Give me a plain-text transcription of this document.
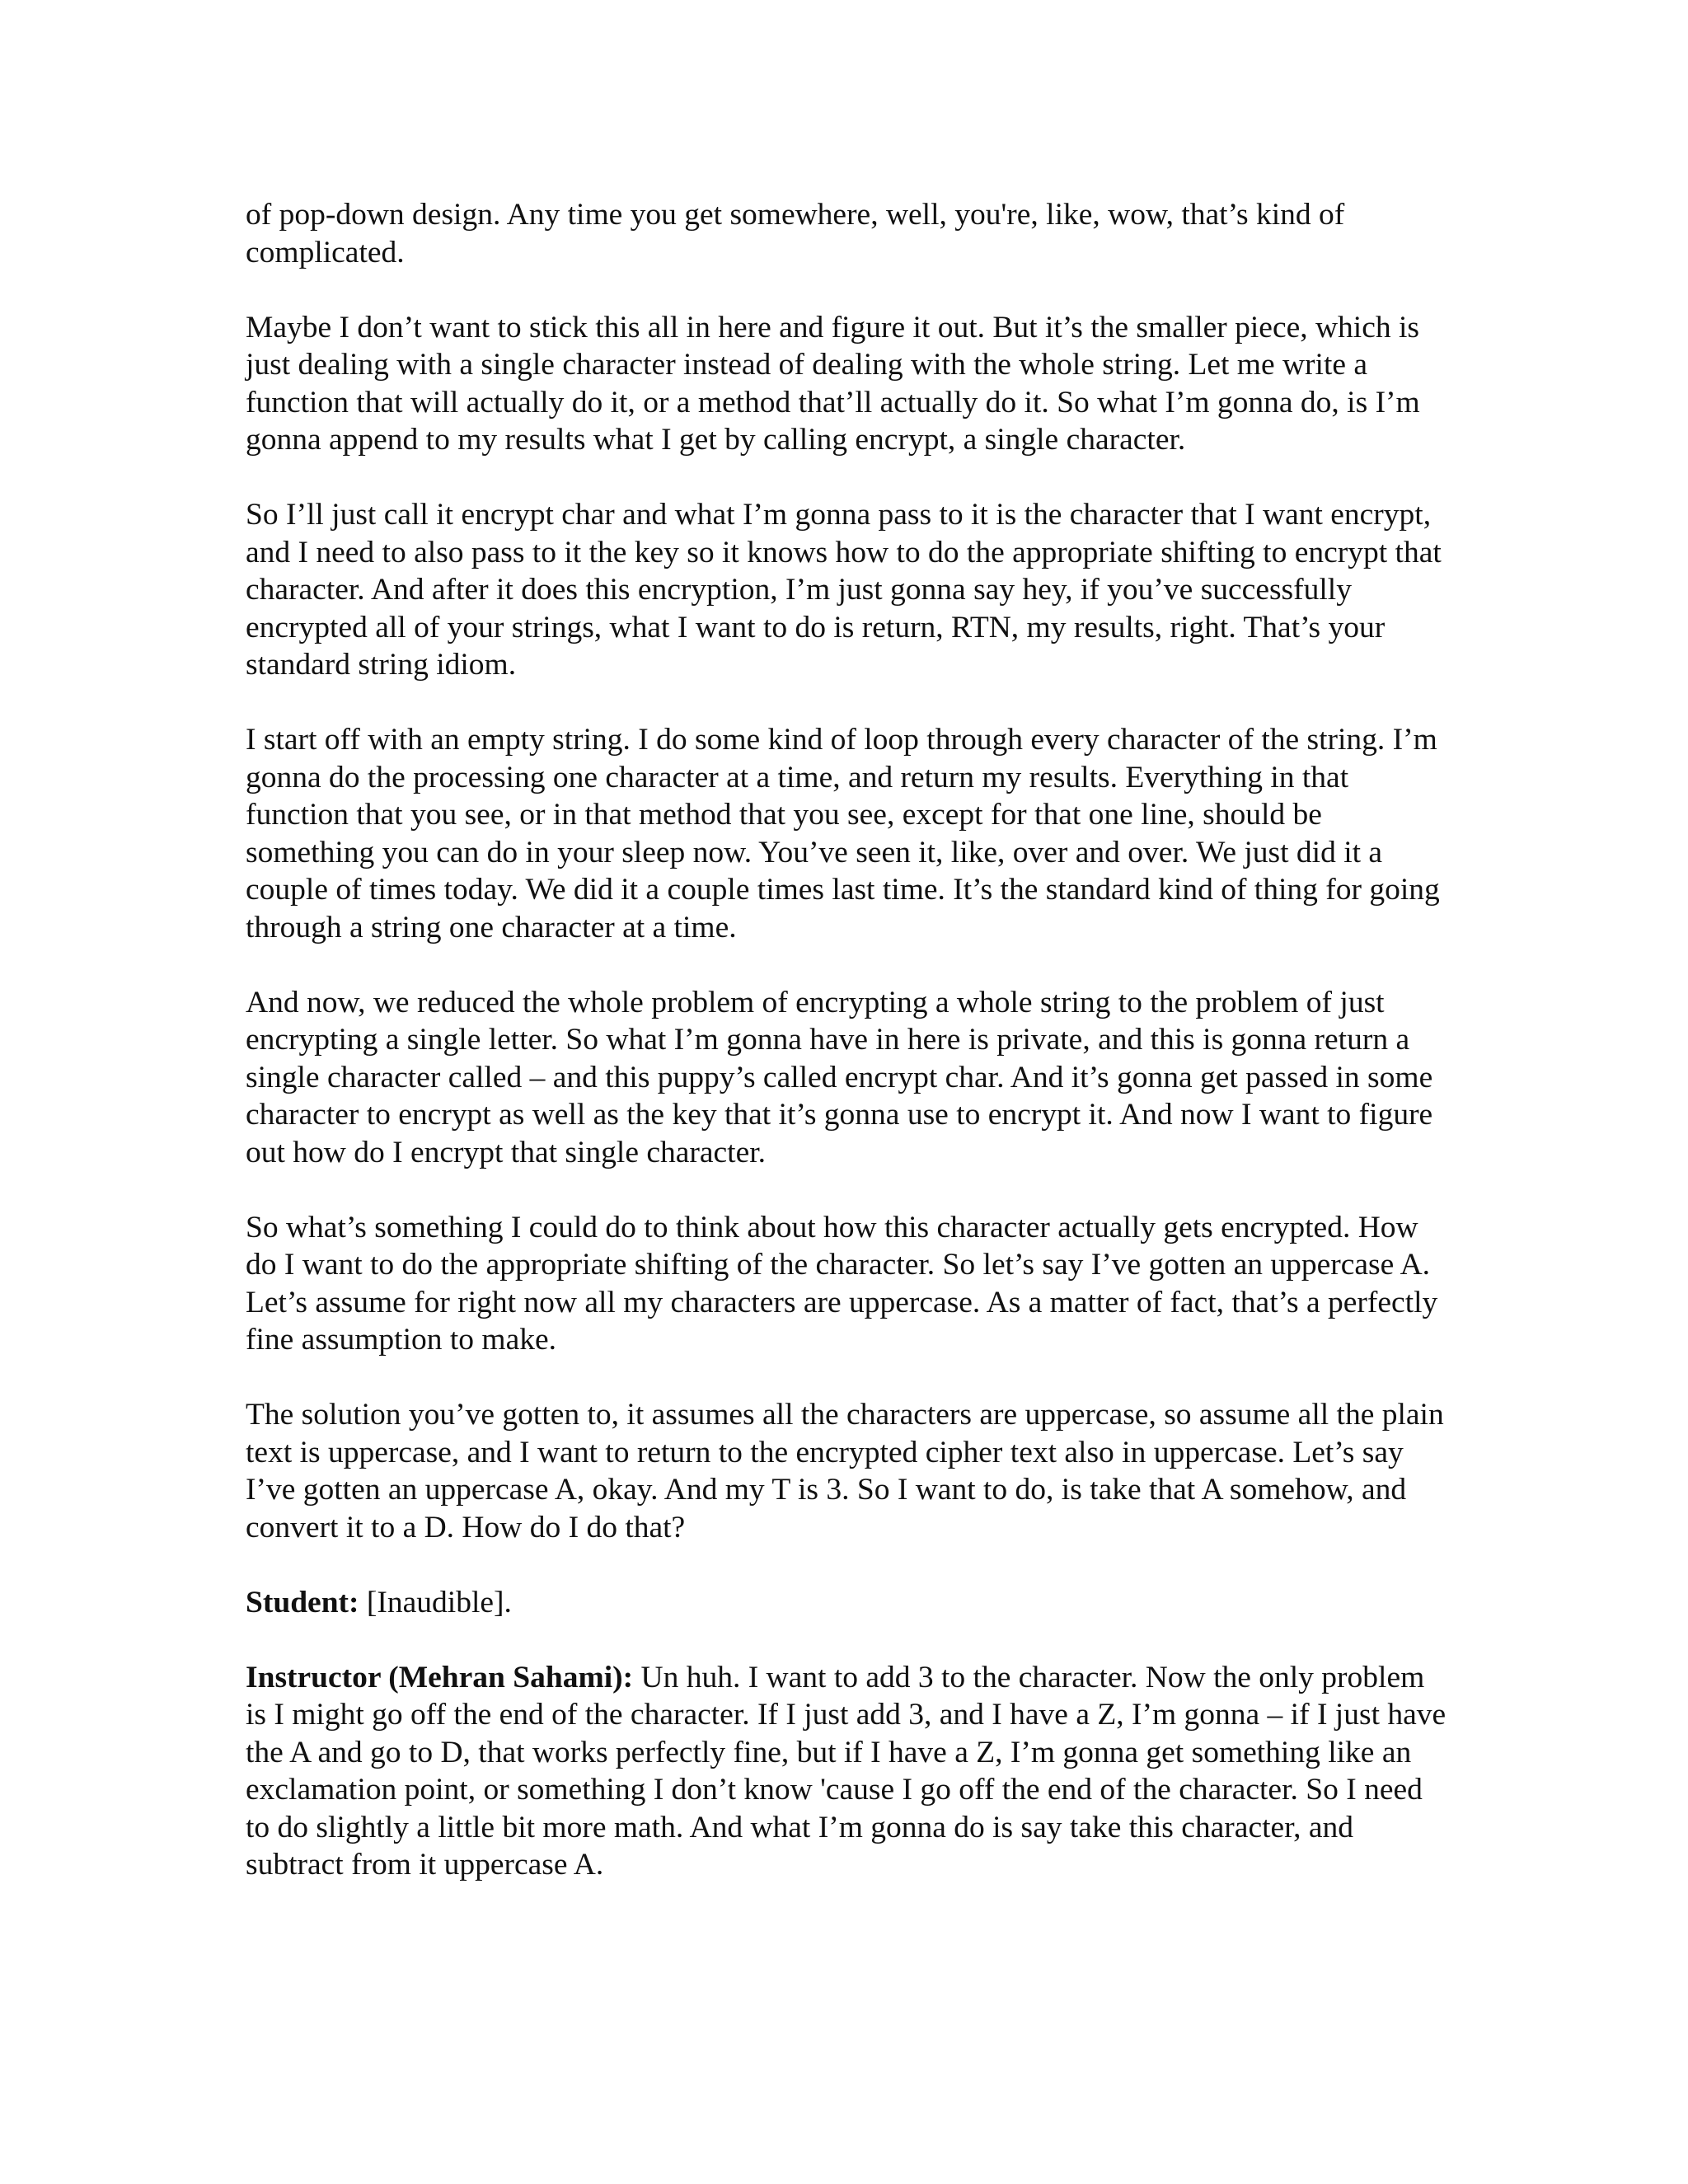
of pop-down design. Any time you get somewhere, well, you're, like, wow, that’s kind of complicated.

Maybe I don’t want to stick this all in here and figure it out. But it’s the smaller piece, which is just dealing with a single character instead of dealing with the whole string. Let me write a function that will actually do it, or a method that’ll actually do it. So what I’m gonna do, is I’m gonna append to my results what I get by calling encrypt, a single character.

So I’ll just call it encrypt char and what I’m gonna pass to it is the character that I want encrypt, and I need to also pass to it the key so it knows how to do the appropriate shifting to encrypt that character. And after it does this encryption, I’m just gonna say hey, if you’ve successfully encrypted all of your strings, what I want to do is return, RTN, my results, right. That’s your standard string idiom.

I start off with an empty string. I do some kind of loop through every character of the string. I’m gonna do the processing one character at a time, and return my results. Everything in that function that you see, or in that method that you see, except for that one line, should be something you can do in your sleep now. You’ve seen it, like, over and over. We just did it a couple of times today. We did it a couple times last time. It’s the standard kind of thing for going through a string one character at a time.

And now, we reduced the whole problem of encrypting a whole string to the problem of just encrypting a single letter. So what I’m gonna have in here is private, and this is gonna return a single character called – and this puppy’s called encrypt char. And it’s gonna get passed in some character to encrypt as well as the key that it’s gonna use to encrypt it. And now I want to figure out how do I encrypt that single character.

So what’s something I could do to think about how this character actually gets encrypted. How do I want to do the appropriate shifting of the character. So let’s say I’ve gotten an uppercase A. Let’s assume for right now all my characters are uppercase. As a matter of fact, that’s a perfectly fine assumption to make.

The solution you’ve gotten to, it assumes all the characters are uppercase, so assume all the plain text is uppercase, and I want to return to the encrypted cipher text also in uppercase. Let’s say I’ve gotten an uppercase A, okay. And my T is 3. So I want to do, is take that A somehow, and convert it to a D. How do I do that?

Student: [Inaudible].

Instructor (Mehran Sahami): Un huh. I want to add 3 to the character. Now the only problem is I might go off the end of the character. If I just add 3, and I have a Z, I’m gonna – if I just have the A and go to D, that works perfectly fine, but if I have a Z, I’m gonna get something like an exclamation point, or something I don’t know 'cause I go off the end of the character. So I need to do slightly a little bit more math. And what I’m gonna do is say take this character, and subtract from it uppercase A.
